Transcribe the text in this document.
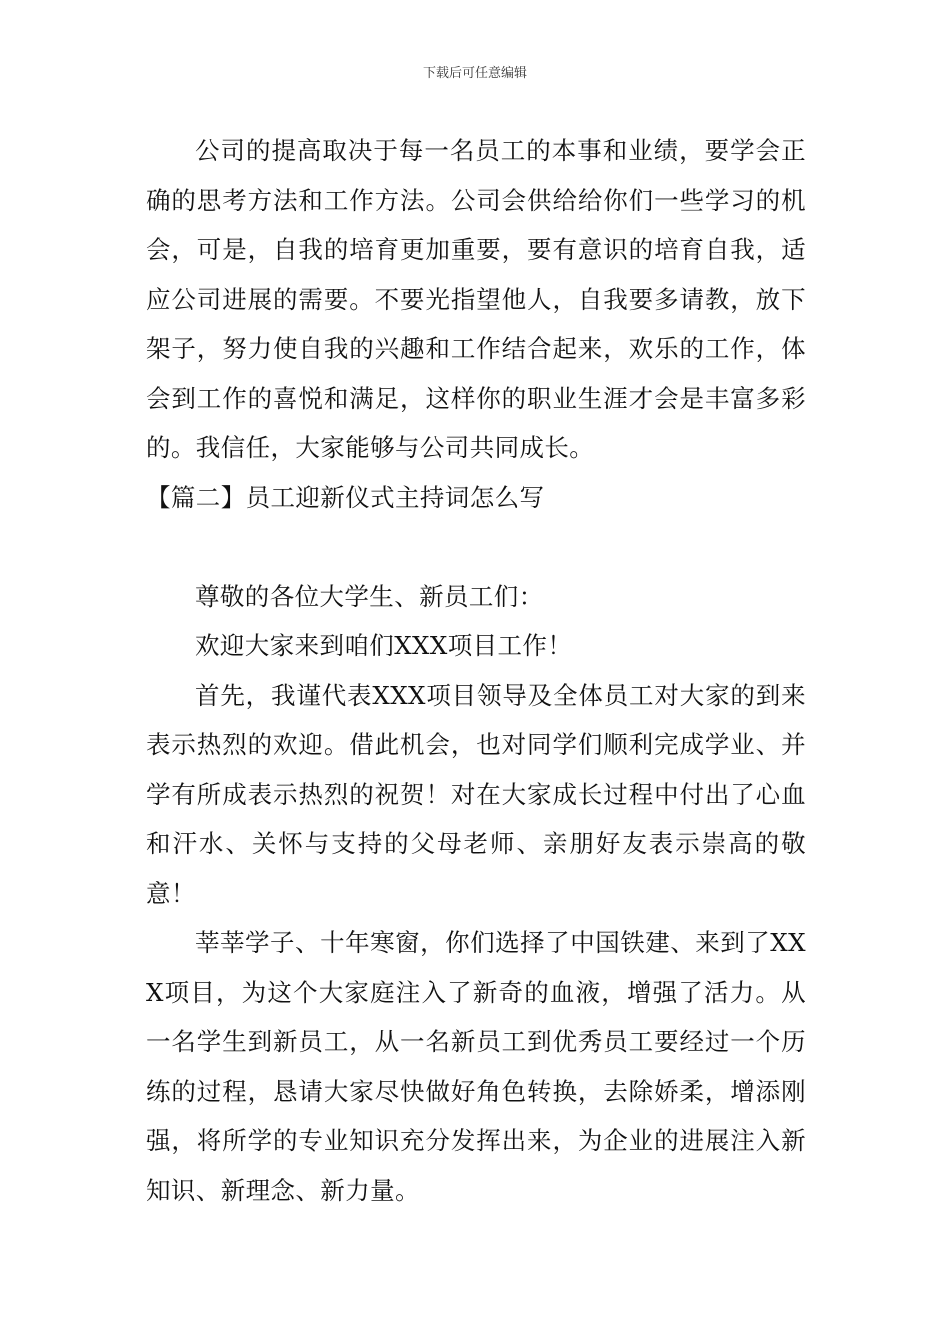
下载后可任意编辑

公司的提高取决于每一名员工的本事和业绩，要学会正确的思考方法和工作方法。公司会供给给你们一些学习的机会，可是，自我的培育更加重要，要有意识的培育自我，适应公司进展的需要。不要光指望他人，自我要多请教，放下架子，努力使自我的兴趣和工作结合起来，欢乐的工作，体会到工作的喜悦和满足，这样你的职业生涯才会是丰富多彩的。我信任，大家能够与公司共同成长。

【篇二】员工迎新仪式主持词怎么写

尊敬的各位大学生、新员工们：

欢迎大家来到咱们XXX项目工作！

首先，我谨代表XXX项目领导及全体员工对大家的到来表示热烈的欢迎。借此机会，也对同学们顺利完成学业、并学有所成表示热烈的祝贺！对在大家成长过程中付出了心血和汗水、关怀与支持的父母老师、亲朋好友表示崇高的敬意！

莘莘学子、十年寒窗，你们选择了中国铁建、来到了XXX项目，为这个大家庭注入了新奇的血液，增强了活力。从一名学生到新员工，从一名新员工到优秀员工要经过一个历练的过程，恳请大家尽快做好角色转换，去除娇柔，增添刚强，将所学的专业知识充分发挥出来，为企业的进展注入新知识、新理念、新力量。
